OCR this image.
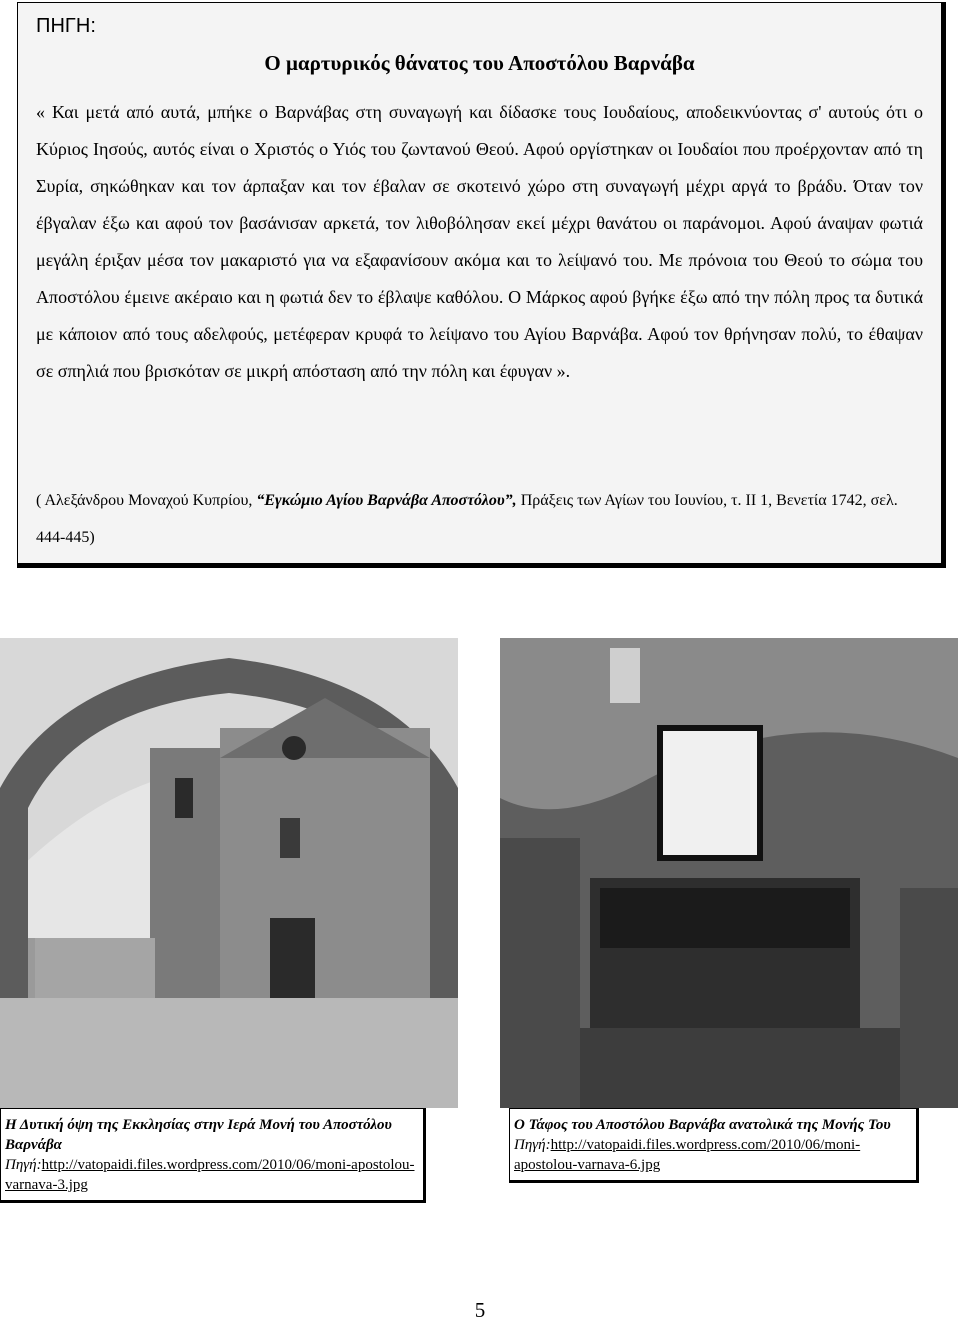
ΠΗΓΗ:
Ο μαρτυρικός θάνατος του Αποστόλου Βαρνάβα

« Και μετά από αυτά, μπήκε ο Βαρνάβας στη συναγωγή και δίδασκε τους Ιουδαίους, αποδεικνύοντας σ' αυτούς ότι ο Κύριος Ιησούς, αυτός είναι ο Χριστός ο Υιός του ζωντανού Θεού. Αφού οργίστηκαν οι Ιουδαίοι που προέρχονταν από τη Συρία, σηκώθηκαν και τον άρπαξαν και τον έβαλαν σε σκοτεινό χώρο στη συναγωγή μέχρι αργά το βράδυ. Όταν τον έβγαλαν έξω και αφού τον βασάνισαν αρκετά, τον λιθοβόλησαν εκεί μέχρι θανάτου οι παράνομοι. Αφού άναψαν φωτιά μεγάλη έριξαν μέσα τον μακαριστό για να εξαφανίσουν ακόμα και το λείψανό του. Με πρόνοια του Θεού το σώμα του Αποστόλου έμεινε ακέραιο και η φωτιά δεν το έβλαψε καθόλου. Ο Μάρκος αφού βγήκε έξω από την πόλη προς τα δυτικά με κάποιον από τους αδελφούς, μετέφεραν κρυφά το λείψανο του Αγίου Βαρνάβα. Αφού τον θρήνησαν πολύ, το έθαψαν σε σπηλιά που βρισκόταν σε μικρή απόσταση από την πόλη και έφυγαν ».

( Αλεξάνδρου Μοναχού Κυπρίου, “Εγκώμιο Αγίου Βαρνάβα Αποστόλου”, Πράξεις των Αγίων του Ιουνίου, τ. ΙΙ 1, Βενετία 1742, σελ. 444-445)

Η Δυτική όψη της Εκκλησίας στην Ιερά Μονή του Αποστόλου Βαρνάβα
Πηγή:http://vatopaidi.files.wordpress.com/2010/06/moni-apostolou-varnava-3.jpg
Ο Τάφος του Αποστόλου Βαρνάβα ανατολικά της Μονής Του
Πηγή:http://vatopaidi.files.wordpress.com/2010/06/moni-apostolou-varnava-6.jpg
5
